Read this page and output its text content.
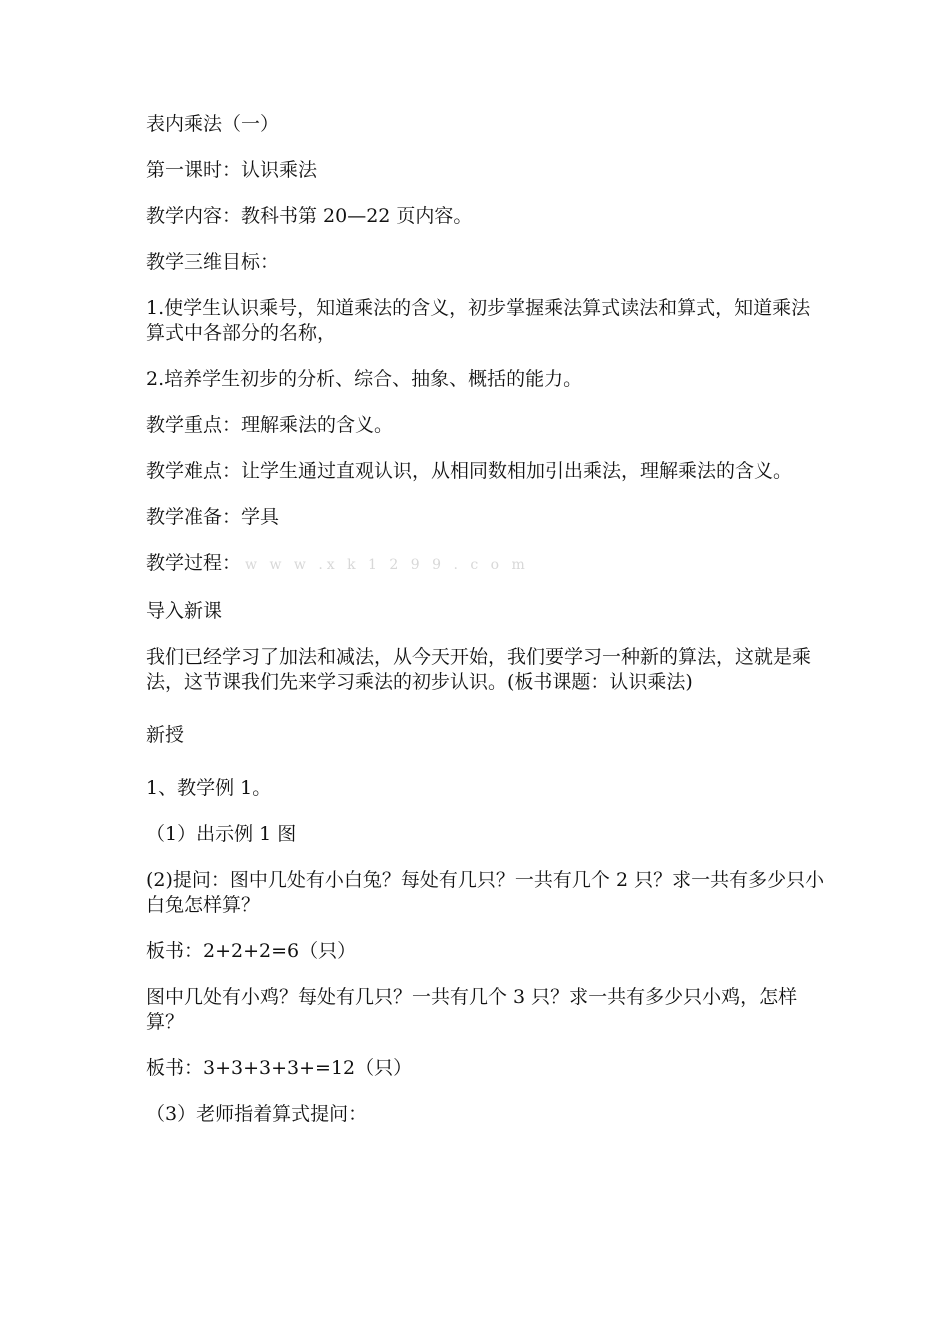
表内乘法（一）

第一课时：认识乘法

教学内容：教科书第 20—22 页内容。

教学三维目标：

1.使学生认识乘号，知道乘法的含义，初步掌握乘法算式读法和算式，知道乘法算式中各部分的名称，

2.培养学生初步的分析、综合、抽象、概括的能力。

教学重点：理解乘法的含义。

教学难点：让学生通过直观认识，从相同数相加引出乘法，理解乘法的含义。

教学准备：学具

教学过程： w w w .x k 1 2 9 9 . c o m

导入新课

我们已经学习了加法和减法，从今天开始，我们要学习一种新的算法，这就是乘法，这节课我们先来学习乘法的初步认识。(板书课题：认识乘法)

新授

1、教学例 1。

（1）出示例 1 图

(2)提问：图中几处有小白兔？每处有几只？一共有几个 2 只？求一共有多少只小白兔怎样算？

板书：2+2+2=6（只）

图中几处有小鸡？每处有几只？一共有几个 3 只？求一共有多少只小鸡，怎样算？

板书：3+3+3+3+=12（只）

（3）老师指着算式提问：
